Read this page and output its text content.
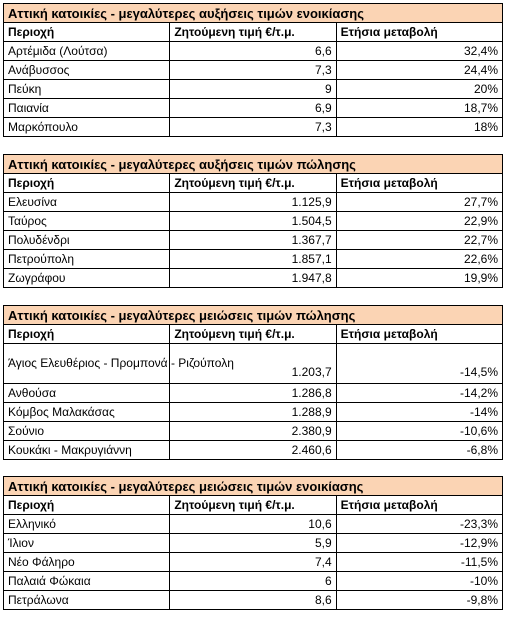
Αττική κατοικίες - μεγαλύτερες αυξήσεις τιμών ενοικίασης		
Περιοχή	Ζητούμενη τιμή €/τ.μ.	Ετήσια μεταβολή
Αρτέμιδα (Λούτσα)	6,6	32,4%
Ανάβυσσος	7,3	24,4%
Πεύκη	9	20%
Παιανία	6,9	18,7%
Μαρκόπουλο	7,3	18%
Αττική κατοικίες - μεγαλύτερες αυξήσεις τιμών πώλησης		
Περιοχή	Ζητούμενη τιμή €/τ.μ.	Ετήσια μεταβολή
Ελευσίνα	1.125,9	27,7%
Ταύρος	1.504,5	22,9%
Πολυδένδρι	1.367,7	22,7%
Πετρούπολη	1.857,1	22,6%
Ζωγράφου	1.947,8	19,9%
Αττική κατοικίες - μεγαλύτερες μειώσεις τιμών πώλησης		
Περιοχή	Ζητούμενη τιμή €/τ.μ.	Ετήσια μεταβολή
Άγιος Ελευθέριος - Προμπονά - Ριζούπολη	1.203,7	-14,5%
Ανθούσα	1.286,8	-14,2%
Κόμβος Μαλακάσας	1.288,9	-14%
Σούνιο	2.380,9	-10,6%
Κουκάκι - Μακρυγιάννη	2.460,6	-6,8%
Αττική κατοικίες - μεγαλύτερες μειώσεις τιμών ενοικίασης		
Περιοχή	Ζητούμενη τιμή €/τ.μ.	Ετήσια μεταβολή
Ελληνικό	10,6	-23,3%
Ίλιον	5,9	-12,9%
Νέο Φάληρο	7,4	-11,5%
Παλαιά Φώκαια	6	-10%
Πετράλωνα	8,6	-9,8%
